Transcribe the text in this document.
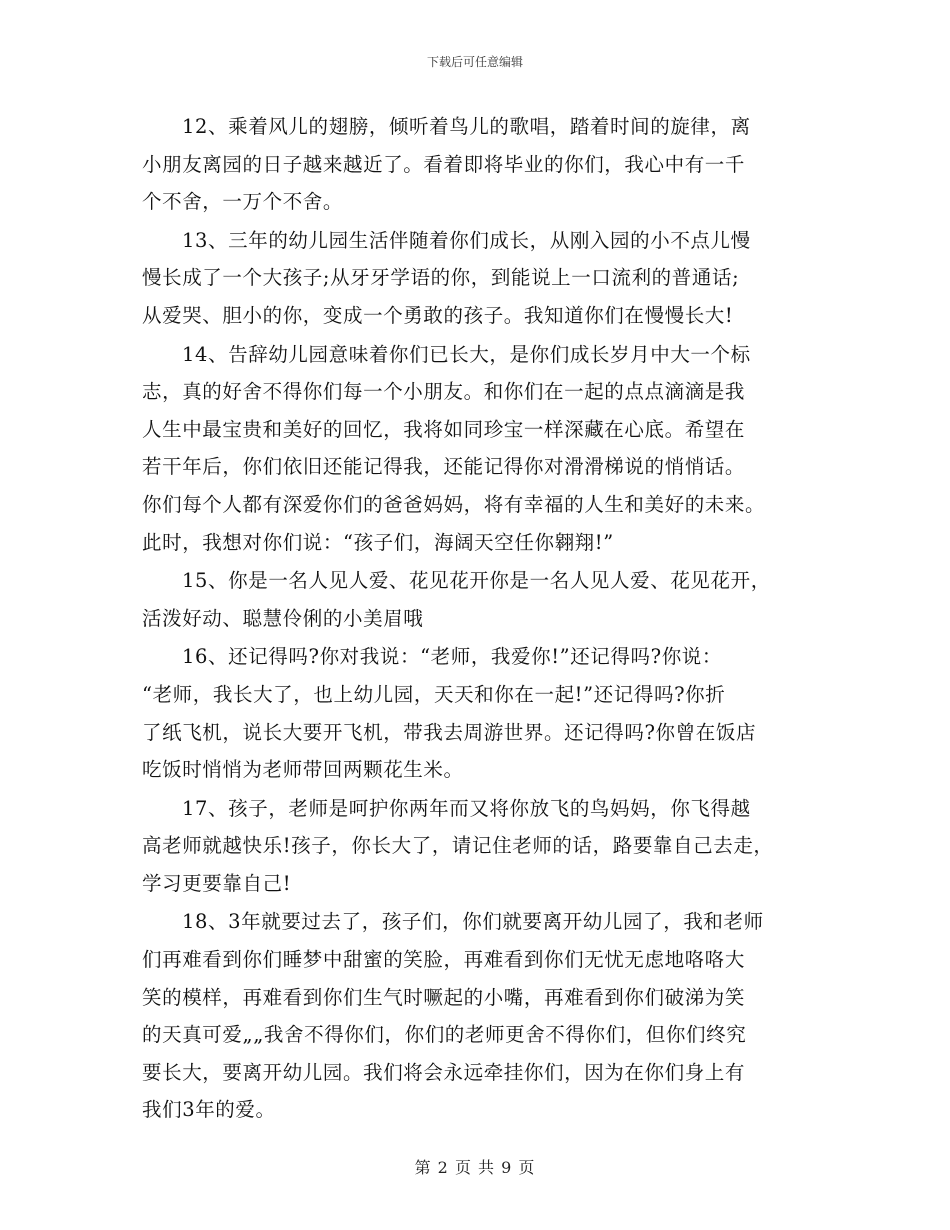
下载后可任意编辑
12、乘着风儿的翅膀，倾听着鸟儿的歌唱，踏着时间的旋律，离
小朋友离园的日子越来越近了。看着即将毕业的你们，我心中有一千
个不舍，一万个不舍。
13、三年的幼儿园生活伴随着你们成长，从刚入园的小不点儿慢
慢长成了一个大孩子;从牙牙学语的你，到能说上一口流利的普通话;
从爱哭、胆小的你，变成一个勇敢的孩子。我知道你们在慢慢长大!
14、告辞幼儿园意味着你们已长大，是你们成长岁月中大一个标
志，真的好舍不得你们每一个小朋友。和你们在一起的点点滴滴是我
人生中最宝贵和美好的回忆，我将如同珍宝一样深藏在心底。希望在
若干年后，你们依旧还能记得我，还能记得你对滑滑梯说的悄悄话。
你们每个人都有深爱你们的爸爸妈妈，将有幸福的人生和美好的未来。
此时，我想对你们说：“孩子们，海阔天空任你翱翔!”
15、你是一名人见人爱、花见花开你是一名人见人爱、花见花开，
活泼好动、聪慧伶俐的小美眉哦
16、还记得吗?你对我说：“老师，我爱你!”还记得吗?你说：
“老师，我长大了，也上幼儿园，天天和你在一起!”还记得吗?你折
了纸飞机，说长大要开飞机，带我去周游世界。还记得吗?你曾在饭店
吃饭时悄悄为老师带回两颗花生米。
17、孩子，老师是呵护你两年而又将你放飞的鸟妈妈，你飞得越
高老师就越快乐!孩子，你长大了，请记住老师的话，路要靠自己去走，
学习更要靠自己!
18、3年就要过去了，孩子们，你们就要离开幼儿园了，我和老师
们再难看到你们睡梦中甜蜜的笑脸，再难看到你们无忧无虑地咯咯大
笑的模样，再难看到你们生气时噘起的小嘴，再难看到你们破涕为笑
的天真可爱„„我舍不得你们，你们的老师更舍不得你们，但你们终究
要长大，要离开幼儿园。我们将会永远牵挂你们，因为在你们身上有
我们3年的爱。
第 2 页 共 9 页
